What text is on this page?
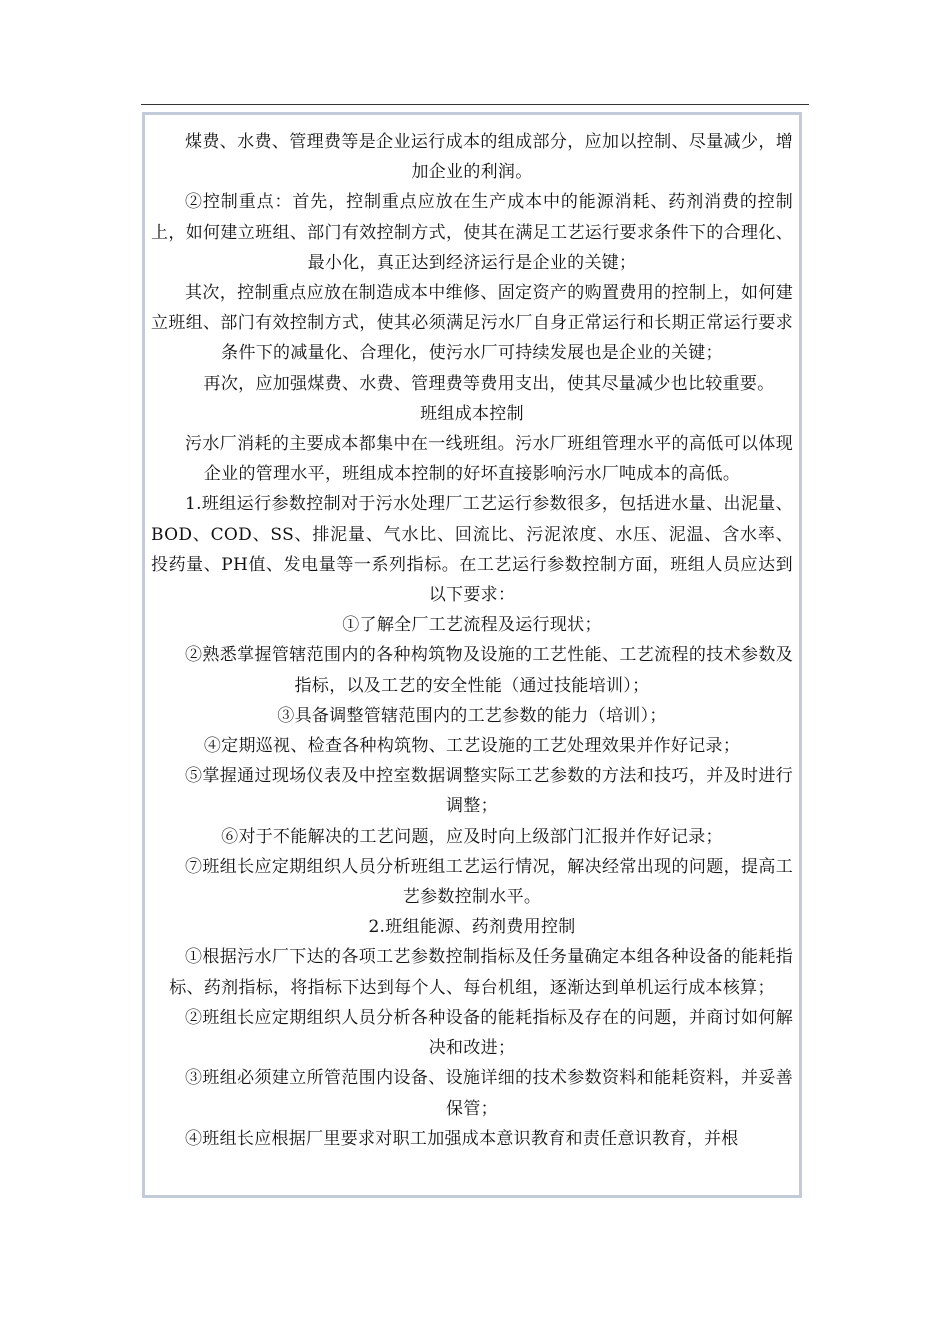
煤费、水费、管理费等是企业运行成本的组成部分，应加以控制、尽量减少，增加企业的利润。

②控制重点：首先，控制重点应放在生产成本中的能源消耗、药剂消费的控制上，如何建立班组、部门有效控制方式，使其在满足工艺运行要求条件下的合理化、最小化，真正达到经济运行是企业的关键；

其次，控制重点应放在制造成本中维修、固定资产的购置费用的控制上，如何建立班组、部门有效控制方式，使其必须满足污水厂自身正常运行和长期正常运行要求条件下的减量化、合理化，使污水厂可持续发展也是企业的关键；

再次，应加强煤费、水费、管理费等费用支出，使其尽量减少也比较重要。

班组成本控制

污水厂消耗的主要成本都集中在一线班组。污水厂班组管理水平的高低可以体现企业的管理水平，班组成本控制的好坏直接影响污水厂吨成本的高低。

1.班组运行参数控制对于污水处理厂工艺运行参数很多，包括进水量、出泥量、BOD、COD、SS、排泥量、气水比、回流比、污泥浓度、水压、泥温、含水率、投药量、PH值、发电量等一系列指标。在工艺运行参数控制方面，班组人员应达到以下要求：

①了解全厂工艺流程及运行现状；

②熟悉掌握管辖范围内的各种构筑物及设施的工艺性能、工艺流程的技术参数及指标，以及工艺的安全性能（通过技能培训）；

③具备调整管辖范围内的工艺参数的能力（培训）；

④定期巡视、检查各种构筑物、工艺设施的工艺处理效果并作好记录；

⑤掌握通过现场仪表及中控室数据调整实际工艺参数的方法和技巧，并及时进行调整；

⑥对于不能解决的工艺问题，应及时向上级部门汇报并作好记录；

⑦班组长应定期组织人员分析班组工艺运行情况，解决经常出现的问题，提高工艺参数控制水平。

2.班组能源、药剂费用控制

①根据污水厂下达的各项工艺参数控制指标及任务量确定本组各种设备的能耗指标、药剂指标，将指标下达到每个人、每台机组，逐渐达到单机运行成本核算；

②班组长应定期组织人员分析各种设备的能耗指标及存在的问题，并商讨如何解决和改进；

③班组必须建立所管范围内设备、设施详细的技术参数资料和能耗资料，并妥善保管；

④班组长应根据厂里要求对职工加强成本意识教育和责任意识教育，并根
